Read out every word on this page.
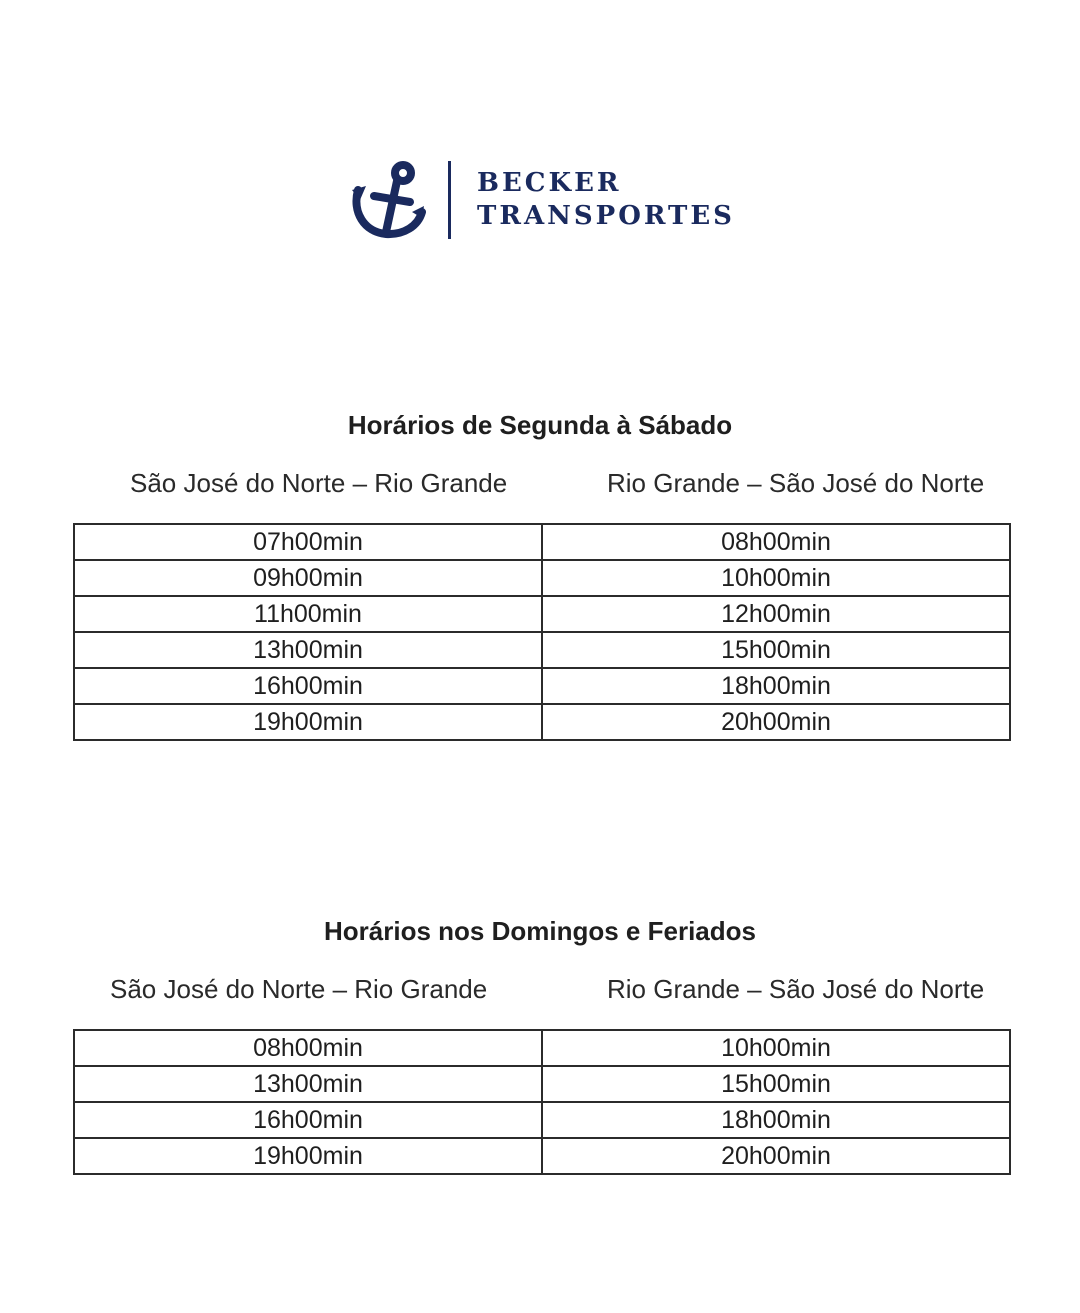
BECKER
TRANSPORTES
Horários de Segunda à Sábado
São José do Norte – Rio Grande	Rio Grande – São José do Norte
07h00min	08h00min
09h00min	10h00min
11h00min	12h00min
13h00min	15h00min
16h00min	18h00min
19h00min	20h00min
Horários nos Domingos e Feriados
São José do Norte – Rio Grande	Rio Grande – São José do Norte
08h00min	10h00min
13h00min	15h00min
16h00min	18h00min
19h00min	20h00min
